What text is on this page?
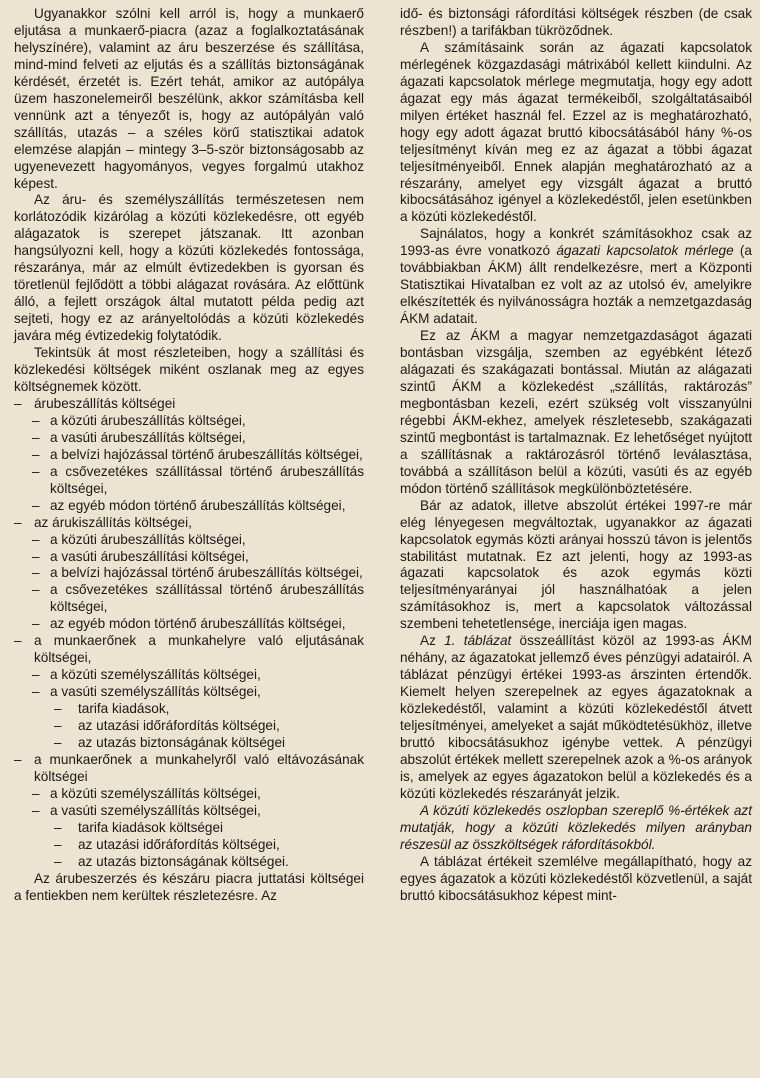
Ugyanakkor szólni kell arról is, hogy a munkaerő eljutása a munkaerő-piacra (azaz a foglalkoztatásának helyszínére), valamint az áru beszerzése és szállítása, mind-mind felveti az eljutás és a szállítás biztonságának kérdését, érzetét is. Ezért tehát, amikor az autópálya üzem haszonelemeiről beszélünk, akkor számításba kell vennünk azt a tényezőt is, hogy az autópályán való szállítás, utazás – a széles körű statisztikai adatok elemzése alapján – mintegy 3–5-ször biztonságosabb az ugyenevezett hagyományos, vegyes forgalmú utakhoz képest.

Az áru- és személyszállítás természetesen nem korlátozódik kizárólag a közúti közlekedésre, ott egyéb alágazatok is szerepet játszanak. Itt azonban hangsúlyozni kell, hogy a közúti közlekedés fontossága, részaránya, már az elmúlt évtizedekben is gyorsan és töretlenül fejlődött a többi alágazat rovására. Az előttünk álló, a fejlett országok által mutatott példa pedig azt sejteti, hogy ez az arányeltolódás a közúti közlekedés javára még évtizedekig folytatódik.

Tekintsük át most részleteiben, hogy a szállítási és közlekedési költségek miként oszlanak meg az egyes költségnemek között.

– árubeszállítás költségei
– a közúti árubeszállítás költségei,
– a vasúti árubeszállítás költségei,
– a belvízi hajózással történő árubeszállítás költségei,
– a csővezetékes szállítással történő árubeszállítás költségei,
– az egyéb módon történő árubeszállítás költségei,
– az árukiszállítás költségei,
– a közúti árubeszállítás költségei,
– a vasúti árubeszállítási költségei,
– a belvízi hajózással történő árubeszállítás költségei,
– a csővezetékes szállítással történő árubeszállítás költségei,
– az egyéb módon történő árubeszállítás költségei,
– a munkaerőnek a munkahelyre való eljutásának költségei,
– a közúti személyszállítás költségei,
– a vasúti személyszállítás költségei,
– tarifa kiadások,
– az utazási időráfordítás költségei,
– az utazás biztonságának költségei
– a munkaerőnek a munkahelyről való eltávozásának költségei
– a közúti személyszállítás költségei,
– a vasúti személyszállítás költségei,
– tarifa kiadások költségei
– az utazási időráfordítás költségei,
– az utazás biztonságának költségei.

Az árubeszerzés és készáru piacra juttatási költségei a fentiekben nem kerültek részletezésre. Az

idő- és biztonsági ráfordítási költségek részben (de csak részben!) a tarifákban tükröződnek.

A számításaink során az ágazati kapcsolatok mérlegének közgazdasági mátrixából kellett kiindulni. Az ágazati kapcsolatok mérlege megmutatja, hogy egy adott ágazat egy más ágazat termékeiből, szolgáltatásaiból milyen értéket használ fel. Ezzel az is meghatározható, hogy egy adott ágazat bruttó kibocsátásából hány %-os teljesítményt kíván meg ez az ágazat a többi ágazat teljesítményeiből. Ennek alapján meghatározható az a részarány, amelyet egy vizsgált ágazat a bruttó kibocsátásához igényel a közlekedéstől, jelen esetünkben a közúti közlekedéstől.

Sajnálatos, hogy a konkrét számításokhoz csak az 1993-as évre vonatkozó ágazati kapcsolatok mérlege (a továbbiakban ÁKM) állt rendelkezésre, mert a Központi Statisztikai Hivatalban ez volt az az utolsó év, amelyikre elkészítették és nyilvánosságra hozták a nemzetgazdaság ÁKM adatait.

Ez az ÁKM a magyar nemzetgazdaságot ágazati bontásban vizsgálja, szemben az egyébként létező alágazati és szakágazati bontással. Miután az alágazati szintű ÁKM a közlekedést „szállítás, raktározás” megbontásban kezeli, ezért szükség volt visszanyúlni régebbi ÁKM-ekhez, amelyek részletesebb, szakágazati szintű megbontást is tartalmaznak. Ez lehetőséget nyújtott a szállításnak a raktározásról történő leválasztása, továbbá a szállításon belül a közúti, vasúti és az egyéb módon történő szállítások megkülönböztetésére.

Bár az adatok, illetve abszolút értékei 1997-re már elég lényegesen megváltoztak, ugyanakkor az ágazati kapcsolatok egymás közti arányai hosszú távon is jelentős stabilitást mutatnak. Ez azt jelenti, hogy az 1993-as ágazati kapcsolatok és azok egymás közti teljesítményarányai jól használhatóak a jelen számításokhoz is, mert a kapcsolatok változással szembeni tehetetlensége, inerciája igen magas.

Az 1. táblázat összeállítást közöl az 1993-as ÁKM néhány, az ágazatokat jellemző éves pénzügyi adatairól. A táblázat pénzügyi értékei 1993-as árszinten értendők. Kiemelt helyen szerepelnek az egyes ágazatoknak a közlekedéstől, valamint a közúti közlekedéstől átvett teljesítményei, amelyeket a saját működtetésükhöz, illetve bruttó kibocsátásukhoz igénybe vettek. A pénzügyi abszolút értékek mellett szerepelnek azok a %-os arányok is, amelyek az egyes ágazatokon belül a közlekedés és a közúti közlekedés részarányát jelzik.

A közúti közlekedés oszlopban szereplő %-értékek azt mutatják, hogy a közúti közlekedés milyen arányban részesül az összköltségek ráfordításokból.

A táblázat értékeit szemlélve megállapítható, hogy az egyes ágazatok a közúti közlekedéstől közvetlenül, a saját bruttó kibocsátásukhoz képest mint-
